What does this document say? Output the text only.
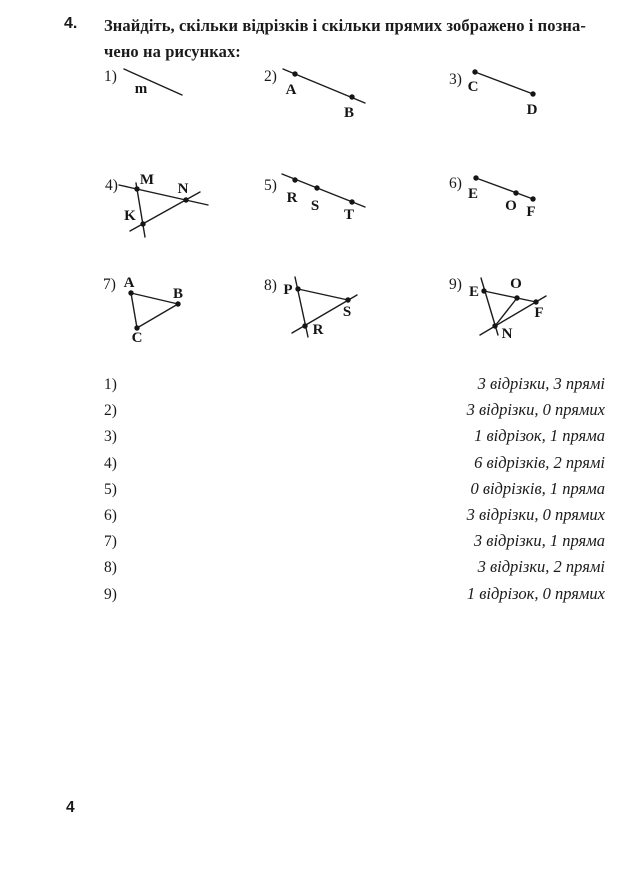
4. Знайдіть, скільки відрізків і скільки прямих зображено і позна-
чено на рисунках:
1)
m
2)
A
B
3) C
D
4) M
N
K
5)
R S
T
6)
E
O F
7) A
B
C
8) P
S
R
9) E O
F
N
1)	3 відрізки, 3 прямі
2)	3 відрізки, 0 прямих
3)	1 відрізок, 1 пряма
4)	6 відрізків, 2 прямі
5)	0 відрізків, 1 пряма
6)	3 відрізки, 0 прямих
7)	3 відрізки, 1 пряма
8)	3 відрізки, 2 прямі
9)	1 відрізок, 0 прямих
4
